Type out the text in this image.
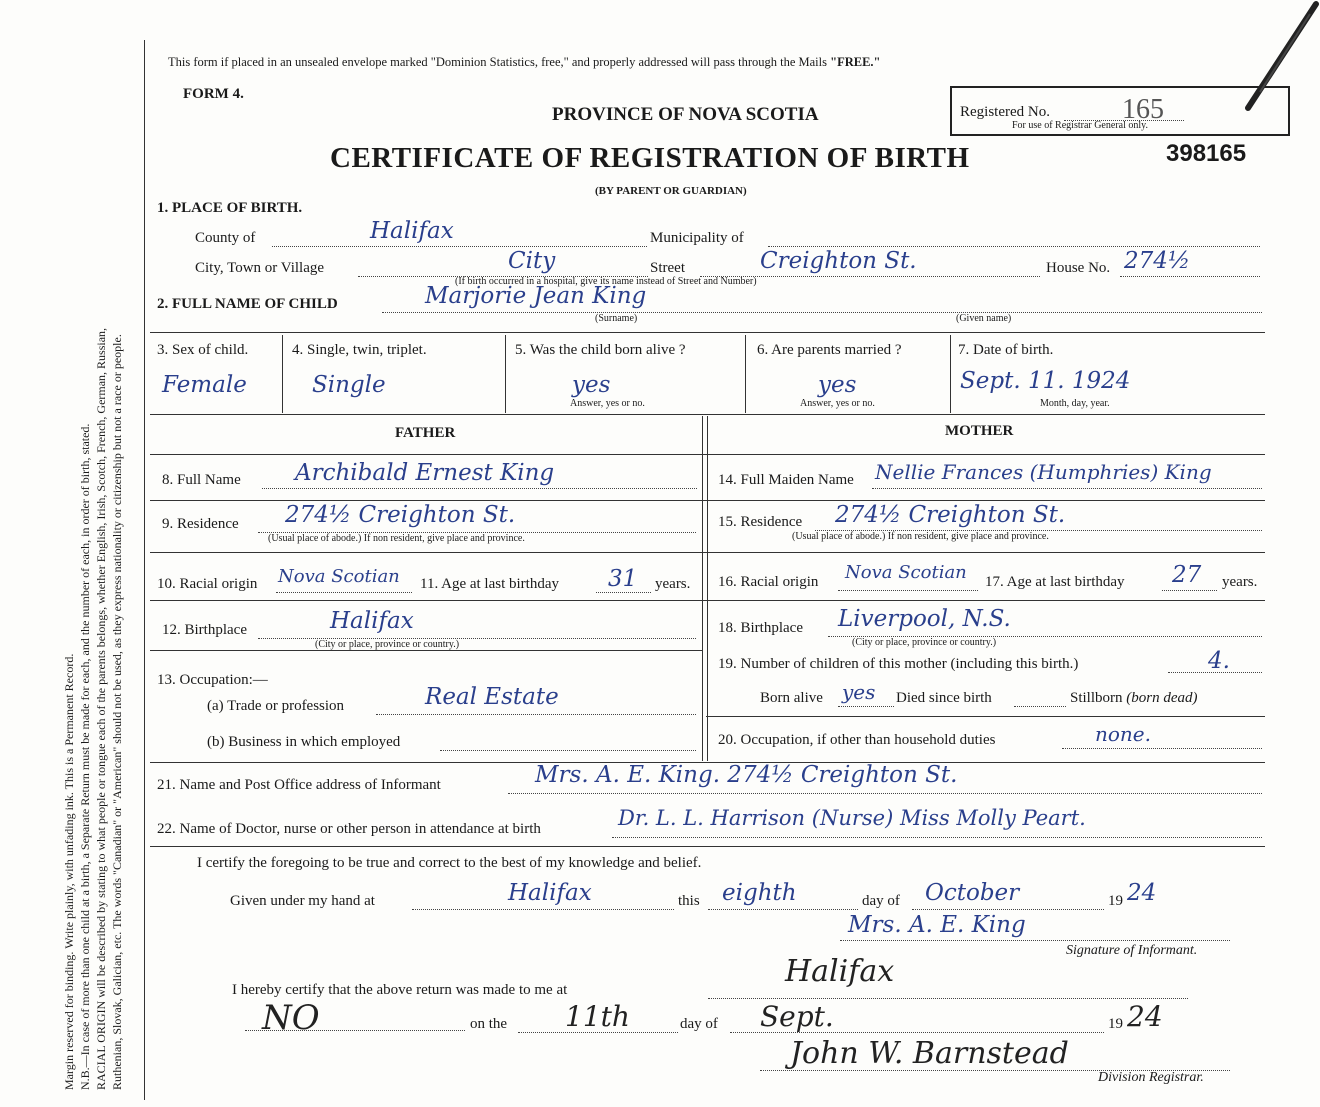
Margin reserved for binding. Write plainly, with unfading ink. This is a Permanent Record. N.B.—In case of more than one child at a birth, a Separate Return must be made for each, and the number of each, in order of birth, stated. RACIAL ORIGIN will be described by stating to what people or tongue each of the parents belongs, whether English, Irish, Scotch, French, German, Russian, Ruthenian, Slovak, Galician, etc. The words "Canadian" or "American" should not be used, as they express nationality or citizenship but not a race or people.
This form if placed in an unsealed envelope marked "Dominion Statistics, free," and properly addressed will pass through the Mails "FREE."
FORM 4.
PROVINCE OF NOVA SCOTIA	Registered No.	165
For use of Registrar General only.
CERTIFICATE OF REGISTRATION OF BIRTH	398165
(BY PARENT OR GUARDIAN)
1. PLACE OF BIRTH.
County of	Halifax	Municipality of
City, Town or Village	City
(If birth occurred in a hospital, give its name instead of Street and Number)
Street	Creighton St.	House No. 274½
2. FULL NAME OF CHILD	Marjorie Jean King
(Surname)	(Given name)
3. Sex of child.
Female
4. Single, twin, triplet.
Single
5. Was the child born alive ?
yes
Answer, yes or no.
6. Are parents married ?
yes
Answer, yes or no.
7. Date of birth.
Sept. 11. 1924
Month, day, year.
FATHER	MOTHER
8. Full Name Archibald Ernest King	14. Full Maiden Name Nellie Frances (Humphries) King
9. Residence 274½ Creighton St.
(Usual place of abode.) If non resident, give place and province.
15. Residence 274½ Creighton St.
(Usual place of abode.) If non resident, give place and province.
10. Racial origin Nova Scotian 11. Age at last birthday 31 years. 16. Racial origin Nova Scotian 17. Age at last birthday 27 years.
12. Birthplace	Halifax
(City or place, province or country.)
18. Birthplace Liverpool, N.S.
(City or place, province or country.)
13. Occupation:—
(a) Trade or profession	Real Estate
(b) Business in which employed
19. Number of children of this mother (including this birth.)	4.
Born alive yes Died since birth	Stillborn (born dead)
20. Occupation, if other than household duties	none.
21. Name and Post Office address of Informant	Mrs. A. E. King. 274½ Creighton St.
22. Name of Doctor, nurse or other person in attendance at birth	Dr. L. L. Harrison (Nurse) Miss Molly Peart.
I certify the foregoing to be true and correct to the best of my knowledge and belief.
Given under my hand at	Halifax	this eighth	day of October	19 24
Mrs. A. E. King
Signature of Informant.
I hereby certify that the above return was made to me at
Halifax
NO	on the 11th	day of Sept.	19 24
John W. Barnstead
Division Registrar.
